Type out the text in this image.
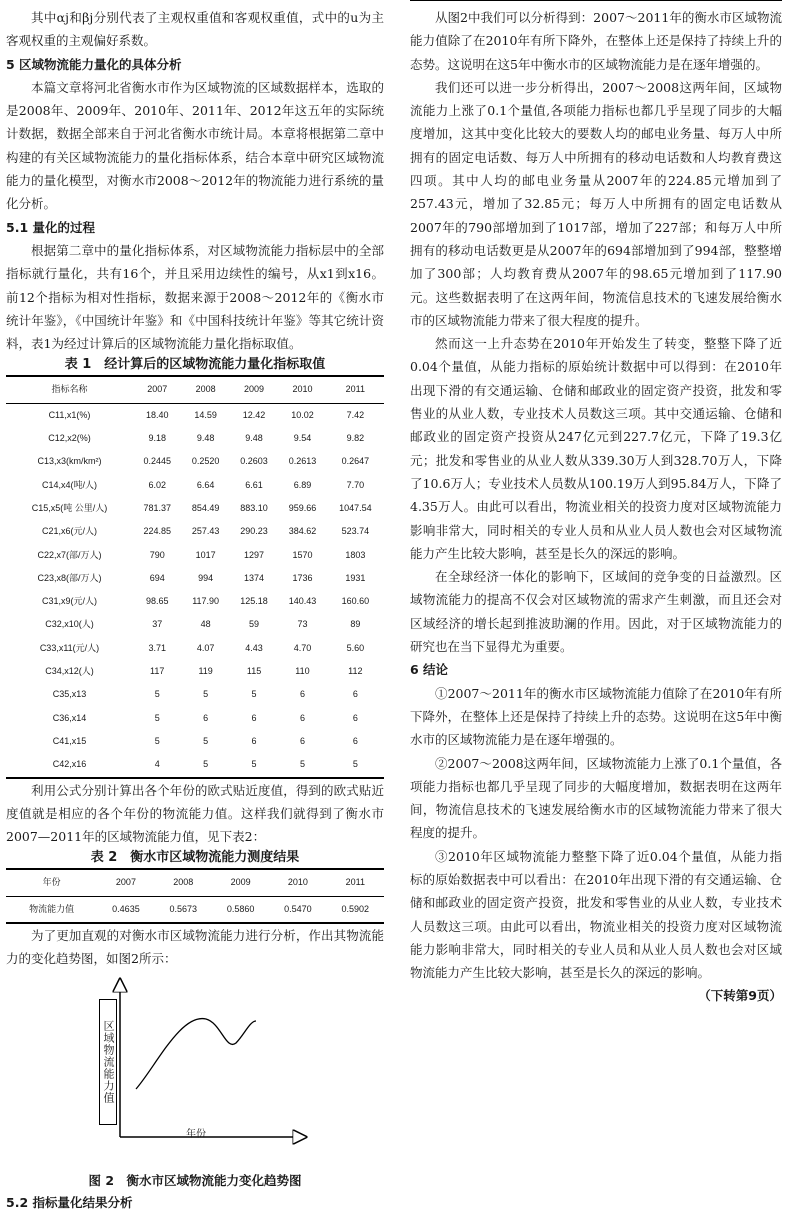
其中αj和βj分别代表了主观权重值和客观权重值，式中的u为主客观权重的主观偏好系数。

5 区域物流能力量化的具体分析

本篇文章将河北省衡水市作为区域物流的区域数据样本，选取的是2008年、2009年、2010年、2011年、2012年这五年的实际统计数据，数据全部来自于河北省衡水市统计局。本章将根据第二章中构建的有关区域物流能力的量化指标体系，结合本章中研究区域物流能力的量化模型，对衡水市2008～2012年的物流能力进行系统的量化分析。

5.1 量化的过程

根据第二章中的量化指标体系，对区域物流能力指标层中的全部指标就行量化，共有16个，并且采用边续性的编号，从x1到x16。前12个指标为相对性指标，数据来源于2008～2012年的《衡水市统计年鉴》，《中国统计年鉴》和《中国科技统计年鉴》等其它统计资料，表1为经过计算后的区域物流能力量化指标取值。

表 1　经计算后的区域物流能力量化指标取值

指标名称	2007	2008	2009	2010	2011
C11,x1(%)	18.40	14.59	12.42	10.02	7.42
C12,x2(%)	9.18	9.48	9.48	9.54	9.82
C13,x3(km/km²)	0.2445	0.2520	0.2603	0.2613	0.2647
C14,x4(吨/人)	6.02	6.64	6.61	6.89	7.70
C15,x5(吨 公里/人)	781.37	854.49	883.10	959.66	1047.54
C21,x6(元/人)	224.85	257.43	290.23	384.62	523.74
C22,x7(部/万人)	790	1017	1297	1570	1803
C23,x8(部/万人)	694	994	1374	1736	1931
C31,x9(元/人)	98.65	117.90	125.18	140.43	160.60
C32,x10(人)	37	48	59	73	89
C33,x11(元/人)	3.71	4.07	4.43	4.70	5.60
C34,x12(人)	117	119	115	110	112
C35,x13	5	5	5	6	6
C36,x14	5	6	6	6	6
C41,x15	5	5	6	6	6
C42,x16	4	5	5	5	5

利用公式分别计算出各个年份的欧式贴近度值，得到的欧式贴近度值就是相应的各个年份的物流能力值。这样我们就得到了衡水市2007—2011年的区域物流能力值，见下表2：

表 2　衡水市区域物流能力测度结果

年份	2007	2008	2009	2010	2011
物流能力值	0.4635	0.5673	0.5860	0.5470	0.5902

为了更加直观的对衡水市区域物流能力进行分析，作出其物流能力的变化趋势图，如图2所示：

区域物流能力值
年份

图 2　衡水市区域物流能力变化趋势图

5.2 指标量化结果分析

从图2中我们可以分析得到：2007～2011年的衡水市区域物流能力值除了在2010年有所下降外，在整体上还是保持了持续上升的态势。这说明在这5年中衡水市的区域物流能力是在逐年增强的。

我们还可以进一步分析得出，2007～2008这两年间，区域物流能力上涨了0.1个量值,各项能力指标也都几乎呈现了同步的大幅度增加，这其中变化比较大的要数人均的邮电业务量、每万人中所拥有的固定电话数、每万人中所拥有的移动电话数和人均教育费这四项。其中人均的邮电业务量从2007年的224.85元增加到了257.43元，增加了32.85元；每万人中所拥有的固定电话数从2007年的790部增加到了1017部，增加了227部；和每万人中所拥有的移动电话数更是从2007年的694部增加到了994部，整整增加了300部；人均教育费从2007年的98.65元增加到了117.90元。这些数据表明了在这两年间，物流信息技术的飞速发展给衡水市的区域物流能力带来了很大程度的提升。

然而这一上升态势在2010年开始发生了转变，整整下降了近0.04个量值，从能力指标的原始统计数据中可以得到：在2010年出现下滑的有交通运输、仓储和邮政业的固定资产投资，批发和零售业的从业人数，专业技术人员数这三项。其中交通运输、仓储和邮政业的固定资产投资从247亿元到227.7亿元，下降了19.3亿元；批发和零售业的从业人数从339.30万人到328.70万人，下降了10.6万人；专业技术人员数从100.19万人到95.84万人，下降了4.35万人。由此可以看出，物流业相关的投资力度对区域物流能力影响非常大，同时相关的专业人员和从业人员人数也会对区域物流能力产生比较大影响，甚至是长久的深远的影响。

在全球经济一体化的影响下，区域间的竞争变的日益激烈。区域物流能力的提高不仅会对区域物流的需求产生刺激，而且还会对区域经济的增长起到推波助澜的作用。因此，对于区域物流能力的研究也在当下显得尤为重要。

6 结论

①2007～2011年的衡水市区域物流能力值除了在2010年有所下降外，在整体上还是保持了持续上升的态势。这说明在这5年中衡水市的区域物流能力是在逐年增强的。

②2007～2008这两年间，区域物流能力上涨了0.1个量值，各项能力指标也都几乎呈现了同步的大幅度增加，数据表明在这两年间，物流信息技术的飞速发展给衡水市的区域物流能力带来了很大程度的提升。

③2010年区域物流能力整整下降了近0.04个量值，从能力指标的原始数据表中可以看出：在2010年出现下滑的有交通运输、仓储和邮政业的固定资产投资，批发和零售业的从业人数，专业技术人员数这三项。由此可以看出，物流业相关的投资力度对区域物流能力影响非常大，同时相关的专业人员和从业人员人数也会对区域物流能力产生比较大影响，甚至是长久的深远的影响。

（下转第9页）
